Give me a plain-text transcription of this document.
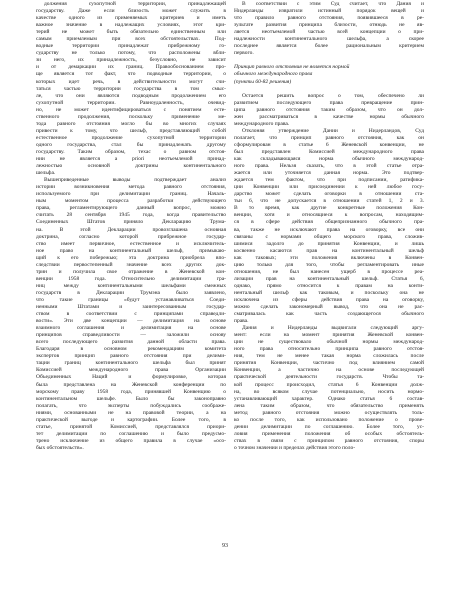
должения сухопутной территории, принадлежащей
государству. Даже если близость может служить в
качестве одного из применяемых критериев и иметь
важное значение в надлежащих условиях, этот кри-
терий не может быть обязательно единственным или
самым приемлемым при всех обстоятельствах. Под-
водные территории принадлежат прибрежному го-
сударству не только потому, что расположены вбли-
зи него, их принадлежность, безусловно, не зависит
и от демаркации их границ. Правообоснованием про-
ще является тот факт, что подводные территории, о
которых идет речь, в действительности могут счи-
таться частью территории государства в том смыс-
ле, что они являются подводным продолжением его
сухопутной территории. Равноудаленность, очевид-
но, не может идентифицироваться с понятием есте-
ственного продолжения, поскольку применение ме-
тода равного отстояния могло бы во многих случаях
привести к тому, что шельф, представляющий собой
естественное продолжение сухопутной территории
одного государства, стал бы принадлежать другому
государству. Таким образом, техас о равном отстоя-
нии не является а priori неотъемлемой принад-
лежностью основной доктрины континентального
шельфа.
Вышеприведенные выводы подтверждает анализ
истории возникновения метода равного отстояния,
используемого при делимитации границ. Началь-
ным моментом процесса разработки действующего
права, регламентирующего данный вопрос, можно
считать 28 сентября 1945 года, когда правительство
Соединенных Штатов приняло Декларацию Трума-
на. В этой Декларации провозглашена основная
доктрина, согласно которой прибрежное государ-
ство имеет первичное, естественное и исключитель-
ное право на континентальный шельф, примыкаю-
щий к его побережью; эта доктрина приобрела впо-
следствии первостепенный значение всех других док-
трин и получила свое отражение в Женевской кон-
венции 1958 года. Относительно делимитации гра-
ниц между континентальными шельфами смежных
государств в Декларации Трумэна было заявлено,
что такие границы «будут устанавливаться Соеди-
ненными Штатами и заинтересованным государ-
ством в соответствии с принципами справедли-
вости». Эти две концепции — делимитация на основе
взаимного соглашения и делимитация на основе
принципов справедливости — заложили основу
всего последующего развития данной области права.
Благодаря в основном рекомендациям комитета
экспертов принцип равного отстояния при делими-
тации границ континентального шельфа был принят
Комиссией международного права Организации
Объединенных Наций и формулировке, которая
была представлена на Женевской конференции по
морскому праву 1958 года, принявшей Конвенцию о
континентальном шельфе. Было бы законоправно
полагать, что эксперты побуждались соображе-
ниями, основанными не на правовой теории, а на
практической выгоде и картографии. Более того, в
статье, принятой Комиссией, представлялся приори-
тет делимитации по соглашению и было предусмо-
трено исключение из общего правила в случае «осо-
бых обстоятельств».
В соответствии с этим Суд считает, что Дания и
Нидерланды извратили истинный порядок вещей и
что правило равного отстояния, появившееся в ре-
зультате развития принципа близости, отнюдь не яв-
ляется неотъемлемой частью всей концепции о при-
надлежности континентального шельфа, а скорее
последнее является более рациональным критерием
первого.
Принцип равного отстояния не является нормой
обычного международного права
(пункты 60-82 решения)
Остается решить вопрос о том, обеспечено ли
развитием последующего права превращение прин-
ципа равного отстояния таким образом, что он дол-
жен рассматриваться в качестве нормы обычного
международного права.
Отклоняя утверждение Дании и Нидерландов, Суд
полагает, что принцип равного отстояния, как он
сформулирован в статье 6 Женевской конвенции, не
был представлен Комиссией международного права
как складывающаяся норма обычного международ-
ного права. Нельзя сказать, что в этой статье отра-
жается или уточняется данная норма. Это подтвер-
ждается тем фактом, что при подписании, ратифика-
ции Конвенции или присоединении к ней любое госу-
дарство может сделать оговорки в отношении ста-
тьи 6, что не допускается в отношении статей 1, 2 и 3.
В то время, как другие конкретные положения Кон-
венции, хотя и относящиеся к вопросам, находящим-
ся в сфере действия общепризнанного обычного пра-
ва, также не исключают права на оговорку, все они
связаны с нормами общего морского права, сложив-
шимися задолго до принятия Конвенции, и лишь
косвенно касаются прав на континентальный шельф
как таковых; эти положения включены в Конвен-
цию только для того, чтобы регламентировать иные
отношения, не был нанесен ущерб в процессе реа-
лизации прав на континентальный шельф. Статья 6,
однако, прямо относится к правам на конти-
нентальный шельф как таковым, и поскольку она не
исключена из сферы действия права на оговорку,
можно сделать закономерный вывод, что она не рас-
сматривалась как часть создающегося обычного
права.
Дания и Нидерланды выдвигали следующий аргу-
мент: если на момент принятия Женевской конвен-
ции не существовало обычной нормы международ-
ного права относительно принципа равного отстоя-
ния, тем не менее такая норма сложилась после
принятия Конвенции, частично под влиянием самой
Конвенции, а частично на основе последующей
практической деятельности государств. Чтобы та-
кой процесс происходил, статья 6 Конвенции долж-
на, во всяком случае потенциально, носить нормо-
устанавливающий характер. Однако статья 6 состав-
лена таким образом, что обязательство применять
метод равного отстояния можно осуществлять толь-
ко после того, как использовано положение о прове-
дении делимитации по соглашению. Более того, ус-
ловия применения положения об особых обстоятель-
ствах в связи с принципом равного отстояния, споры
о точном значении и пределах действия этого поло-
93
